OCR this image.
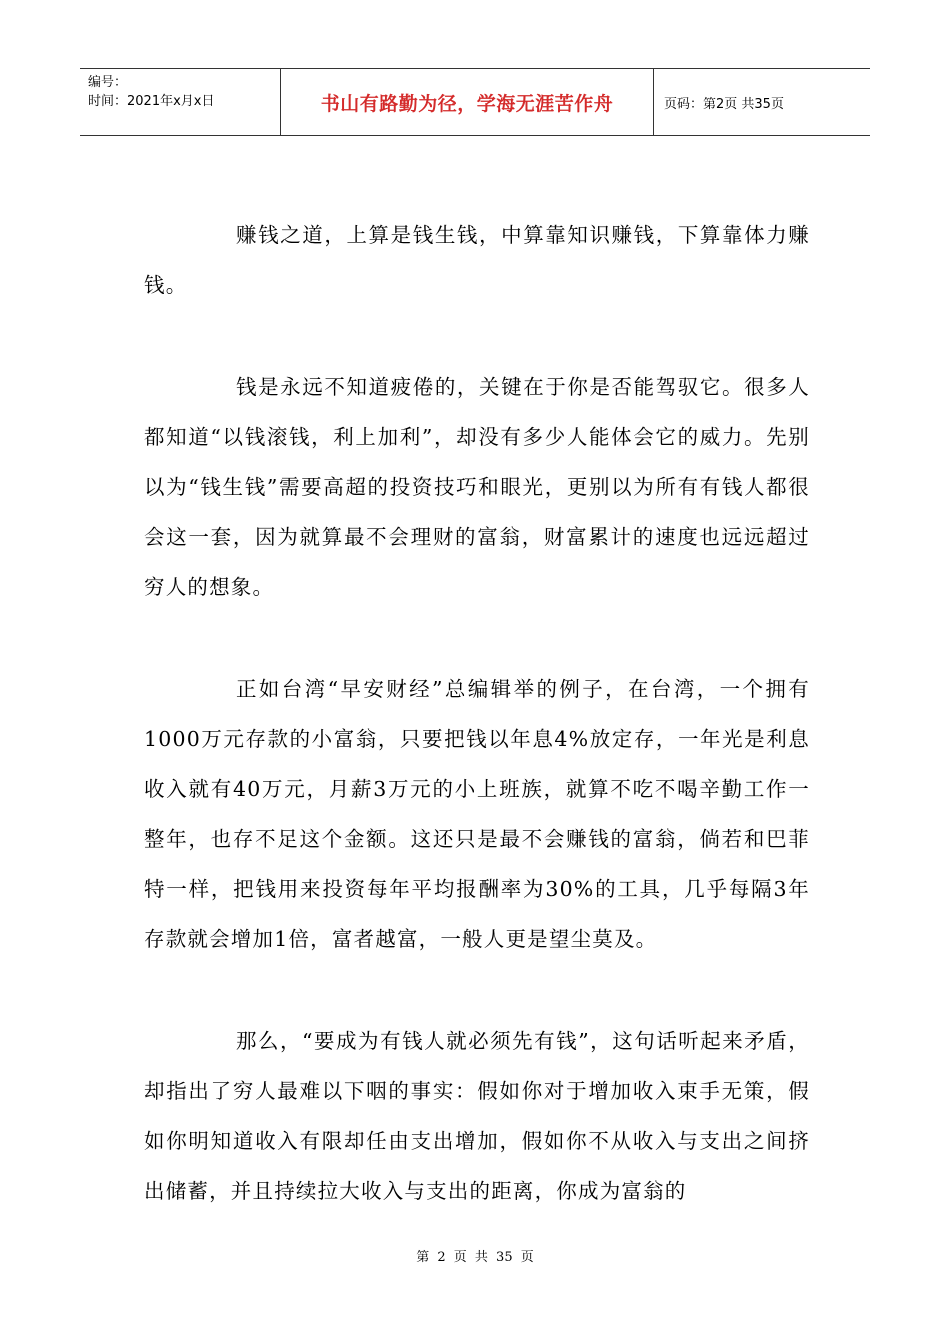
编号：
时间：2021年x月x日	书山有路勤为径，学海无涯苦作舟	页码：第2页 共35页

赚钱之道，上算是钱生钱，中算靠知识赚钱，下算靠体力赚钱。

钱是永远不知道疲倦的，关键在于你是否能驾驭它。很多人都知道“以钱滚钱，利上加利”，却没有多少人能体会它的威力。先别以为“钱生钱”需要高超的投资技巧和眼光，更别以为所有有钱人都很会这一套，因为就算最不会理财的富翁，财富累计的速度也远远超过穷人的想象。

正如台湾“早安财经”总编辑举的例子，在台湾，一个拥有1000万元存款的小富翁，只要把钱以年息4%放定存，一年光是利息收入就有40万元，月薪3万元的小上班族，就算不吃不喝辛勤工作一整年，也存不足这个金额。这还只是最不会赚钱的富翁，倘若和巴菲特一样，把钱用来投资每年平均报酬率为30%的工具，几乎每隔3年存款就会增加1倍，富者越富，一般人更是望尘莫及。

那么，“要成为有钱人就必须先有钱”，这句话听起来矛盾，却指出了穷人最难以下咽的事实：假如你对于增加收入束手无策，假如你明知道收入有限却任由支出增加，假如你不从收入与支出之间挤出储蓄，并且持续拉大收入与支出的距离，你成为富翁的

第 2 页 共 35 页
